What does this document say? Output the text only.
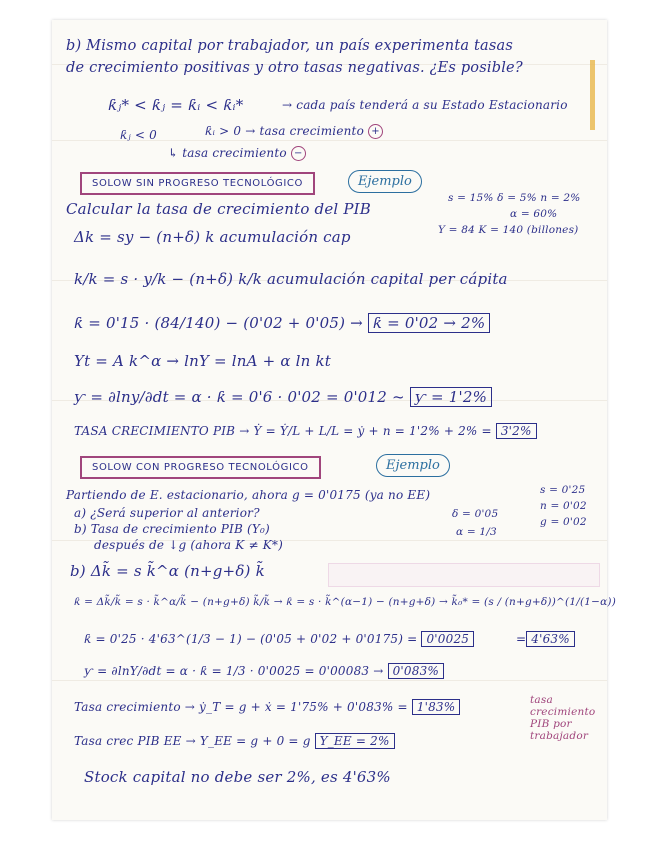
b) Mismo capital por trabajador, un país experimenta tasas
de crecimiento positivas y otro tasas negativas. ¿Es posible?
ƙⱼ* < ƙⱼ = ƙᵢ < ƙᵢ*	→ cada país tenderá a su Estado Estacionario
ƙⱼ < 0	ƙᵢ > 0 → tasa crecimiento +
↳ tasa crecimiento −
SOLOW SIN PROGRESO TECNOLÓGICO	Ejemplo
Calcular la tasa de crecimiento del PIB
s = 15% δ = 5% n = 2%
α = 60%
Y = 84 K = 140 (billones)
Δk = sy − (n+δ) k acumulación cap
k/k = s · y/k − (n+δ) k/k acumulación capital per cápita
ƙ = 0'15 · (84/140) − (0'02 + 0'05) → ƙ = 0'02 → 2%
Yt = A k^α → lnY = lnA + α ln kt
ƴ = ∂lny/∂dt = α · ƙ = 0'6 · 0'02 = 0'012 ~ ƴ = 1'2%
TASA CRECIMIENTO PIB → Ẏ = Ẏ/L + L/L = ẏ + n = 1'2% + 2% = 3'2%
SOLOW CON PROGRESO TECNOLÓGICO	Ejemplo
Partiendo de E. estacionario, ahora g = 0'0175 (ya no EE)	s = 0'25
n = 0'02
g = 0'02
δ = 0'05
α = 1/3
a) ¿Será superior al anterior?
b) Tasa de crecimiento PIB (Y₀)
después de ↓g (ahora K ≠ K*)
b) Δk̃ = s k̃^α (n+g+δ) k̃
ƙ = Δk̃/k̃ = s · k̃^α/k̃ − (n+g+δ) k̃/k̃ → ƙ = s · k̃^(α−1) − (n+g+δ) → k̃₀* = (s / (n+g+δ))^(1/(1−α))
ƙ = 0'25 · 4'63^(1/3 − 1) − (0'05 + 0'02 + 0'0175) = 0'0025	= 4'63%
ƴ = ∂lnY/∂dt = α · ƙ = 1/3 · 0'0025 = 0'00083 → 0'083%
Tasa crecimiento → ẏ_T = g + ẋ = 1'75% + 0'083% = 1'83%	tasa crecimiento PIB por trabajador
Tasa crec PIB EE → Y_EE = g + 0 = g Y_EE = 2%
Stock capital no debe ser 2%, es 4'63%
